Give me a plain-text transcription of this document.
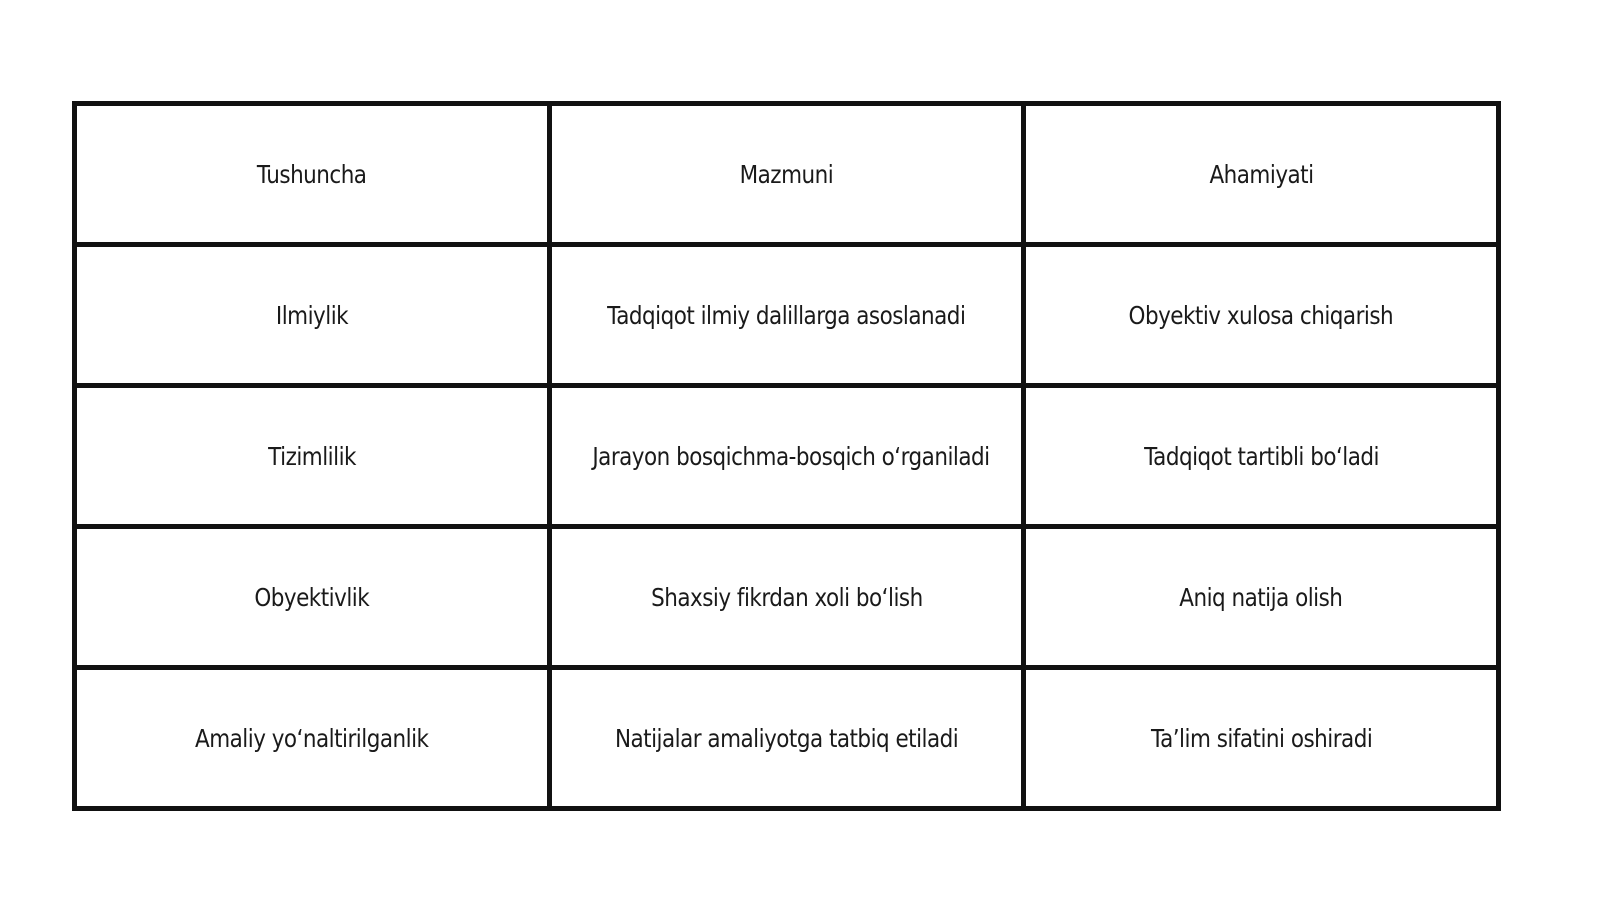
Tushuncha	Mazmuni	Ahamiyati
Ilmiylik	Tadqiqot ilmiy dalillarga asoslanadi	Obyektiv xulosa chiqarish
Tizimlilik	Jarayon bosqichma-bosqich o‘rganiladi	Tadqiqot tartibli bo‘ladi
Obyektivlik	Shaxsiy fikrdan xoli bo‘lish	Aniq natija olish
Amaliy yo‘naltirilganlik	Natijalar amaliyotga tatbiq etiladi	Ta’lim sifatini oshiradi
